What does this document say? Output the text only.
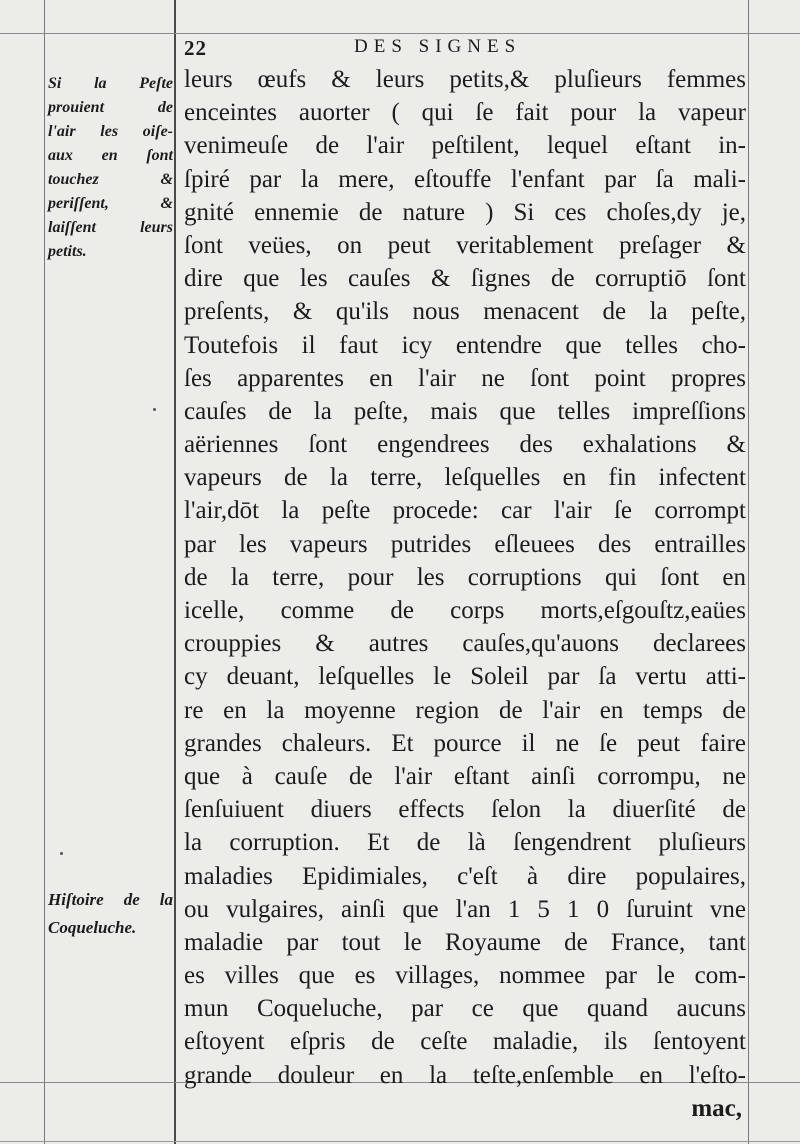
22	DES SIGNES
Si la Peſte
prouient de
l'air les oiſe-
aux en ſont
touchez &
periſſent, &
laiſſent leurs
petits.
Hiſtoire de la
Coqueluche.
leurs œufs & leurs petits,& pluſieurs femmes
enceintes auorter ( qui ſe fait pour la vapeur
venimeuſe de l'air peſtilent, lequel eſtant in-
ſpiré par la mere, eſtouffe l'enfant par ſa mali-
gnité ennemie de nature ) Si ces choſes,dy je,
ſont veües, on peut veritablement preſager &
dire que les cauſes & ſignes de corruptiō ſont
preſents, & qu'ils nous menacent de la peſte,
Toutefois il faut icy entendre que telles cho-
ſes apparentes en l'air ne ſont point propres
cauſes de la peſte, mais que telles impreſſions
aëriennes ſont engendrees des exhalations &
vapeurs de la terre, leſquelles en fin infectent
l'air,dōt la peſte procede: car l'air ſe corrompt
par les vapeurs putrides eſleuees des entrailles
de la terre, pour les corruptions qui ſont en
icelle, comme de corps morts,eſgouſtz,eaües
crouppies & autres cauſes,qu'auons declarees
cy deuant, leſquelles le Soleil par ſa vertu atti-
re en la moyenne region de l'air en temps de
grandes chaleurs. Et pource il ne ſe peut faire
que à cauſe de l'air eſtant ainſi corrompu, ne
ſenſuiuent diuers effects ſelon la diuerſité de
la corruption. Et de là ſengendrent pluſieurs
maladies Epidimiales, c'eſt à dire populaires,
ou vulgaires, ainſi que l'an 1 5 1 0 ſuruint vne
maladie par tout le Royaume de France, tant
es villes que es villages, nommee par le com-
mun Coqueluche, par ce que quand aucuns
eſtoyent eſpris de ceſte maladie, ils ſentoyent
grande douleur en la teſte,enſemble en l'eſto-
mac,
